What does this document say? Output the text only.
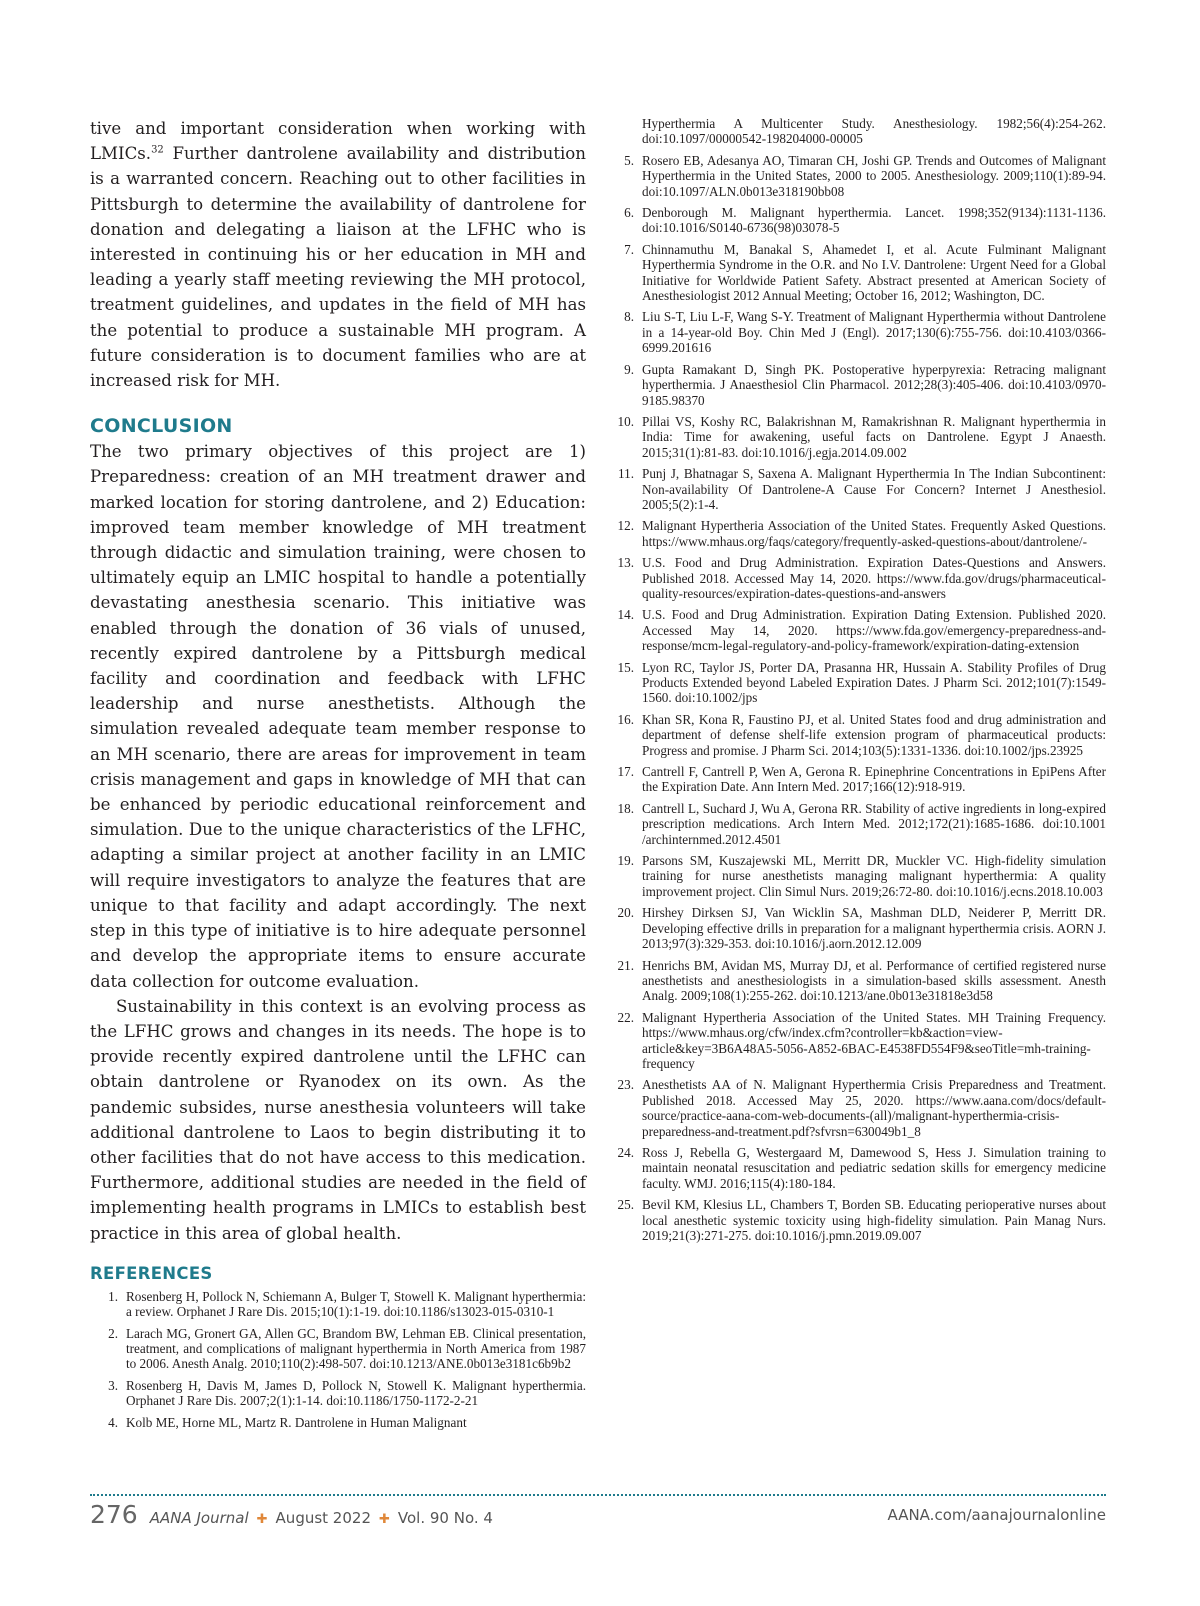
tive and important consideration when working with LMICs.$^{32}$ Further dantrolene availability and distribution is a warranted concern. Reaching out to other facilities in Pittsburgh to determine the availability of dantrolene for donation and delegating a liaison at the LFHC who is interested in continuing his or her education in MH and leading a yearly staff meeting reviewing the MH protocol, treatment guidelines, and updates in the field of MH has the potential to produce a sustainable MH program. A future consideration is to document families who are at increased risk for MH.

CONCLUSION

The two primary objectives of this project are 1) Preparedness: creation of an MH treatment drawer and marked location for storing dantrolene, and 2) Education: improved team member knowledge of MH treatment through didactic and simulation training, were chosen to ultimately equip an LMIC hospital to handle a potentially devastating anesthesia scenario. This initiative was enabled through the donation of 36 vials of unused, recently expired dantrolene by a Pittsburgh medical facility and coordination and feedback with LFHC leadership and nurse anesthetists. Although the simulation revealed adequate team member response to an MH scenario, there are areas for improvement in team crisis management and gaps in knowledge of MH that can be enhanced by periodic educational reinforcement and simulation. Due to the unique characteristics of the LFHC, adapting a similar project at another facility in an LMIC will require investigators to analyze the features that are unique to that facility and adapt accordingly. The next step in this type of initiative is to hire adequate personnel and develop the appropriate items to ensure accurate data collection for outcome evaluation.

Sustainability in this context is an evolving process as the LFHC grows and changes in its needs. The hope is to provide recently expired dantrolene until the LFHC can obtain dantrolene or Ryanodex on its own. As the pandemic subsides, nurse anesthesia volunteers will take additional dantrolene to Laos to begin distributing it to other facilities that do not have access to this medication. Furthermore, additional studies are needed in the field of implementing health programs in LMICs to establish best practice in this area of global health.

REFERENCES
1. Rosenberg H, Pollock N, Schiemann A, Bulger T, Stowell K. Malignant hyperthermia: a review. Orphanet J Rare Dis. 2015;10(1):1-19. doi:10.1186/s13023-015-0310-1
2. Larach MG, Gronert GA, Allen GC, Brandom BW, Lehman EB. Clinical presentation, treatment, and complications of malignant hyperthermia in North America from 1987 to 2006. Anesth Analg. 2010;110(2):498-507. doi:10.1213/ANE.0b013e3181c6b9b2
3. Rosenberg H, Davis M, James D, Pollock N, Stowell K. Malignant hyperthermia. Orphanet J Rare Dis. 2007;2(1):1-14. doi:10.1186/1750-1172-2-21
4. Kolb ME, Horne ML, Martz R. Dantrolene in Human Malignant
Hyperthermia A Multicenter Study. Anesthesiology. 1982;56(4):254-262. doi:10.1097/00000542-198204000-00005
5. Rosero EB, Adesanya AO, Timaran CH, Joshi GP. Trends and Outcomes of Malignant Hyperthermia in the United States, 2000 to 2005. Anesthesiology. 2009;110(1):89-94. doi:10.1097/ALN.0b013e318190bb08
6. Denborough M. Malignant hyperthermia. Lancet. 1998;352(9134):1131-1136. doi:10.1016/S0140-6736(98)03078-5
7. Chinnamuthu M, Banakal S, Ahamedet I, et al. Acute Fulminant Malignant Hyperthermia Syndrome in the O.R. and No I.V. Dantrolene: Urgent Need for a Global Initiative for Worldwide Patient Safety. Abstract presented at American Society of Anesthesiologist 2012 Annual Meeting; October 16, 2012; Washington, DC.
8. Liu S-T, Liu L-F, Wang S-Y. Treatment of Malignant Hyperthermia without Dantrolene in a 14-year-old Boy. Chin Med J (Engl). 2017;130(6):755-756. doi:10.4103/0366-6999.201616
9. Gupta Ramakant D, Singh PK. Postoperative hyperpyrexia: Retracing malignant hyperthermia. J Anaesthesiol Clin Pharmacol. 2012;28(3):405-406. doi:10.4103/0970-9185.98370
10. Pillai VS, Koshy RC, Balakrishnan M, Ramakrishnan R. Malignant hyperthermia in India: Time for awakening, useful facts on Dantrolene. Egypt J Anaesth. 2015;31(1):81-83. doi:10.1016/j.egja.2014.09.002
11. Punj J, Bhatnagar S, Saxena A. Malignant Hyperthermia In The Indian Subcontinent: Non-availability Of Dantrolene-A Cause For Concern? Internet J Anesthesiol. 2005;5(2):1-4.
12. Malignant Hypertheria Association of the United States. Frequently Asked Questions. https://www.mhaus.org/faqs/category/frequently-asked-questions-about/dantrolene/-
13. U.S. Food and Drug Administration. Expiration Dates-Questions and Answers. Published 2018. Accessed May 14, 2020. https://www.fda.gov/drugs/pharmaceutical-quality-resources/expiration-dates-questions-and-answers
14. U.S. Food and Drug Administration. Expiration Dating Extension. Published 2020. Accessed May 14, 2020. https://www.fda.gov/emergency-preparedness-and-response/mcm-legal-regulatory-and-policy-framework/expiration-dating-extension
15. Lyon RC, Taylor JS, Porter DA, Prasanna HR, Hussain A. Stability Profiles of Drug Products Extended beyond Labeled Expiration Dates. J Pharm Sci. 2012;101(7):1549-1560. doi:10.1002/jps
16. Khan SR, Kona R, Faustino PJ, et al. United States food and drug administration and department of defense shelf-life extension program of pharmaceutical products: Progress and promise. J Pharm Sci. 2014;103(5):1331-1336. doi:10.1002/jps.23925
17. Cantrell F, Cantrell P, Wen A, Gerona R. Epinephrine Concentrations in EpiPens After the Expiration Date. Ann Intern Med. 2017;166(12):918-919.
18. Cantrell L, Suchard J, Wu A, Gerona RR. Stability of active ingredients in long-expired prescription medications. Arch Intern Med. 2012;172(21):1685-1686. doi:10.1001 /archinternmed.2012.4501
19. Parsons SM, Kuszajewski ML, Merritt DR, Muckler VC. High-fidelity simulation training for nurse anesthetists managing malignant hyperthermia: A quality improvement project. Clin Simul Nurs. 2019;26:72-80. doi:10.1016/j.ecns.2018.10.003
20. Hirshey Dirksen SJ, Van Wicklin SA, Mashman DLD, Neiderer P, Merritt DR. Developing effective drills in preparation for a malignant hyperthermia crisis. AORN J. 2013;97(3):329-353. doi:10.1016/j.aorn.2012.12.009
21. Henrichs BM, Avidan MS, Murray DJ, et al. Performance of certified registered nurse anesthetists and anesthesiologists in a simulation-based skills assessment. Anesth Analg. 2009;108(1):255-262. doi:10.1213/ane.0b013e31818e3d58
22. Malignant Hypertheria Association of the United States. MH Training Frequency. https://www.mhaus.org/cfw/index.cfm?controller=kb&action=view-article&key=3B6A48A5-5056-A852-6BAC-E4538FD554F9&seoTitle=mh-training-frequency
23. Anesthetists AA of N. Malignant Hyperthermia Crisis Preparedness and Treatment. Published 2018. Accessed May 25, 2020. https://www.aana.com/docs/default-source/practice-aana-com-web-documents-(all)/malignant-hyperthermia-crisis-preparedness-and-treatment.pdf?sfvrsn=630049b1_8
24. Ross J, Rebella G, Westergaard M, Damewood S, Hess J. Simulation training to maintain neonatal resuscitation and pediatric sedation skills for emergency medicine faculty. WMJ. 2016;115(4):180-184.
25. Bevil KM, Klesius LL, Chambers T, Borden SB. Educating perioperative nurses about local anesthetic systemic toxicity using high-fidelity simulation. Pain Manag Nurs. 2019;21(3):271-275. doi:10.1016/j.pmn.2019.09.007
276 AANA Journal ✚ August 2022 ✚ Vol. 90 No. 4	AANA.com/aanajournalonline
